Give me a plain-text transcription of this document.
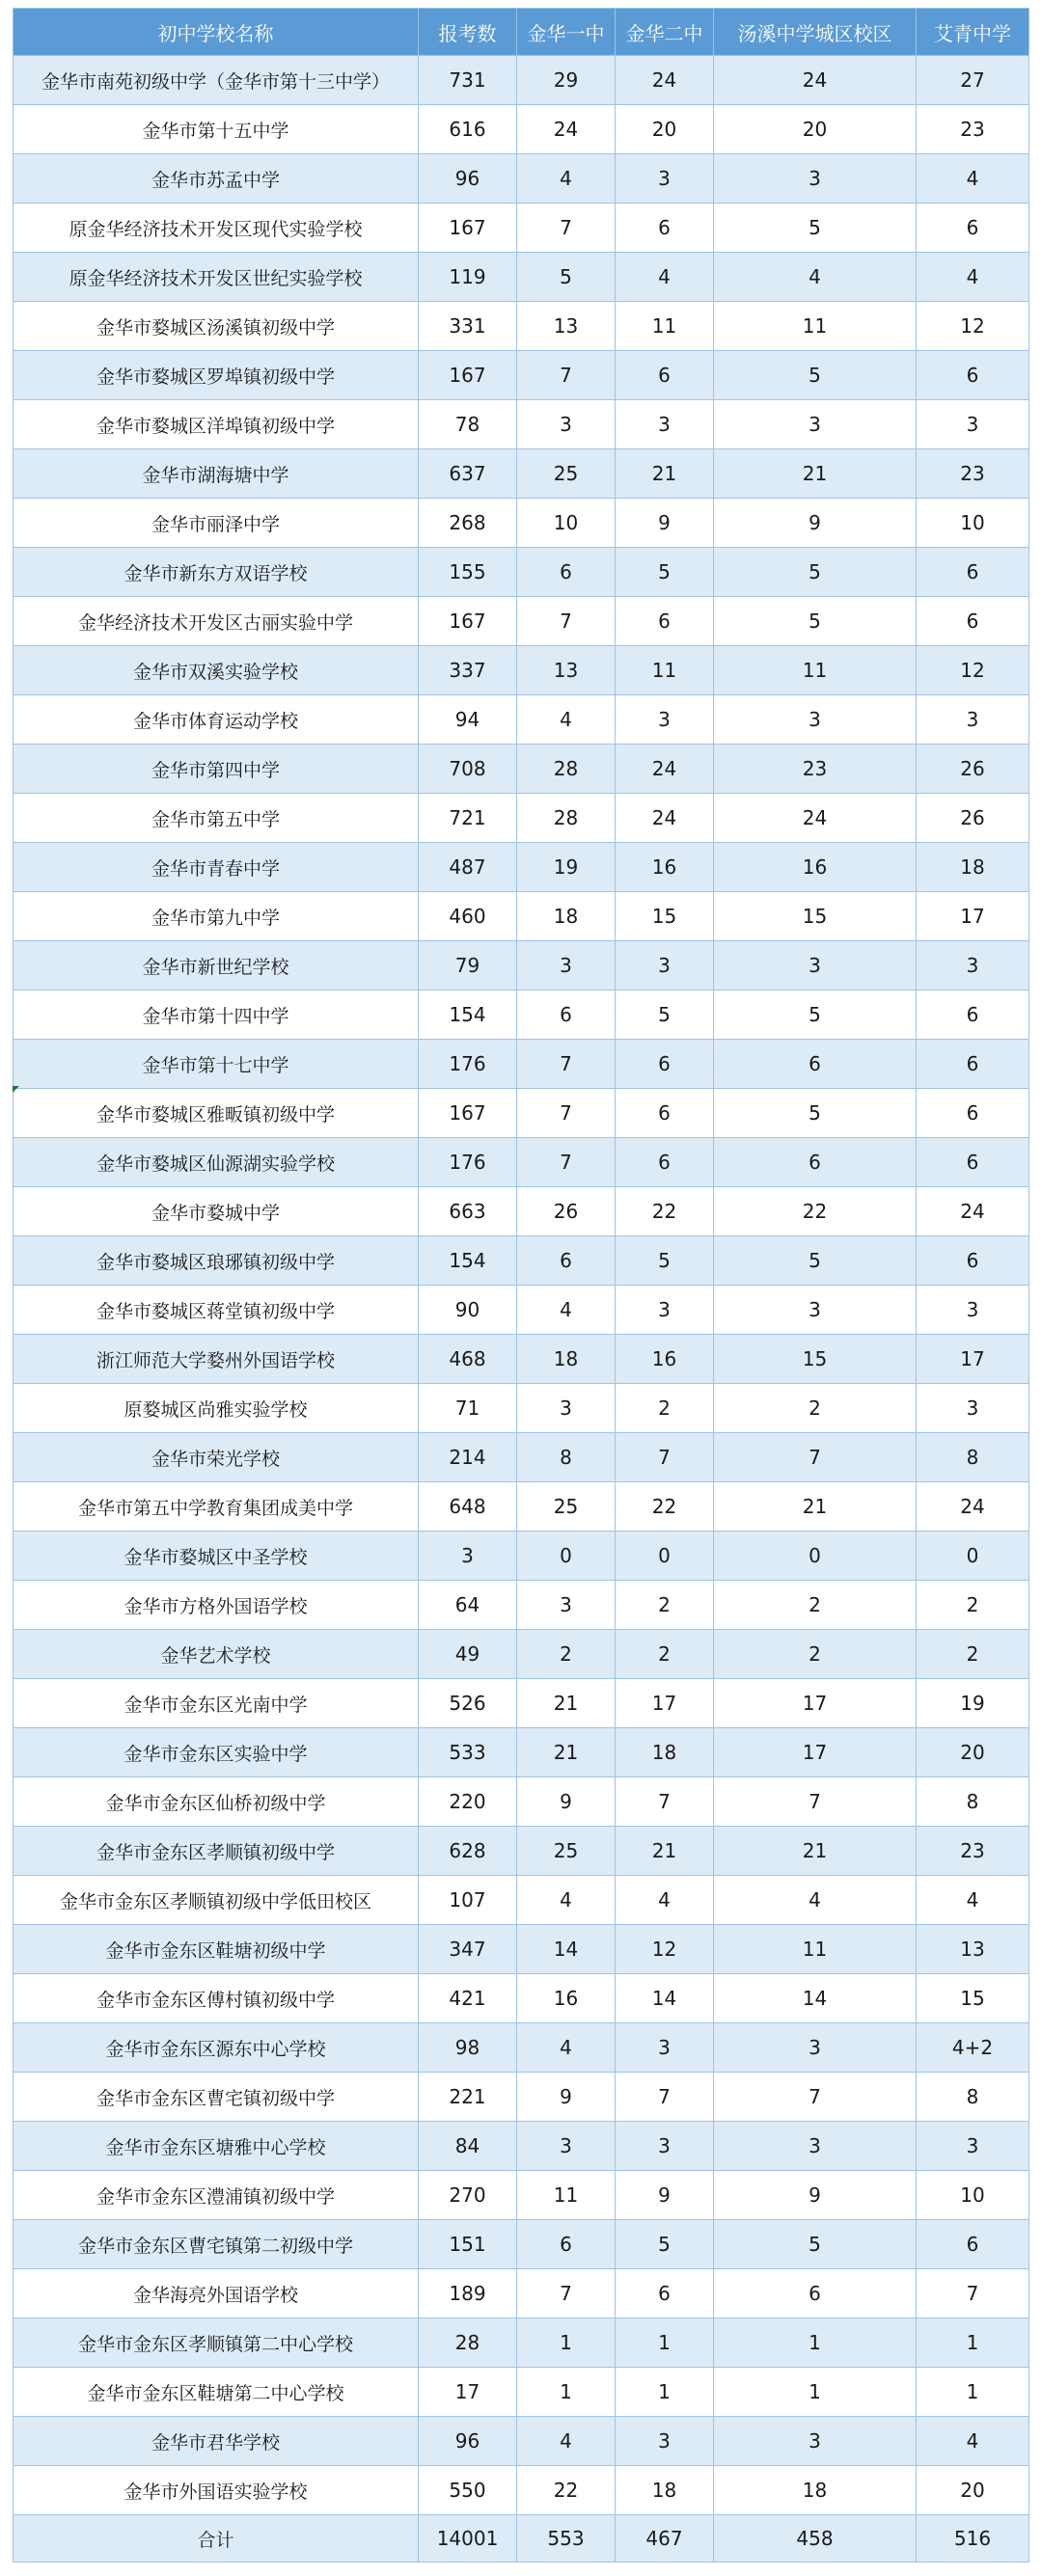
初中学校名称	报考数	金华一中	金华二中	汤溪中学城区校区	艾青中学
金华市南苑初级中学（金华市第十三中学）	731	29	24	24	27
金华市第十五中学	616	24	20	20	23
金华市苏孟中学	96	4	3	3	4
原金华经济技术开发区现代实验学校	167	7	6	5	6
原金华经济技术开发区世纪实验学校	119	5	4	4	4
金华市婺城区汤溪镇初级中学	331	13	11	11	12
金华市婺城区罗埠镇初级中学	167	7	6	5	6
金华市婺城区洋埠镇初级中学	78	3	3	3	3
金华市湖海塘中学	637	25	21	21	23
金华市丽泽中学	268	10	9	9	10
金华市新东方双语学校	155	6	5	5	6
金华经济技术开发区古丽实验中学	167	7	6	5	6
金华市双溪实验学校	337	13	11	11	12
金华市体育运动学校	94	4	3	3	3
金华市第四中学	708	28	24	23	26
金华市第五中学	721	28	24	24	26
金华市青春中学	487	19	16	16	18
金华市第九中学	460	18	15	15	17
金华市新世纪学校	79	3	3	3	3
金华市第十四中学	154	6	5	5	6
金华市第十七中学	176	7	6	6	6
金华市婺城区雅畈镇初级中学	167	7	6	5	6
金华市婺城区仙源湖实验学校	176	7	6	6	6
金华市婺城中学	663	26	22	22	24
金华市婺城区琅琊镇初级中学	154	6	5	5	6
金华市婺城区蒋堂镇初级中学	90	4	3	3	3
浙江师范大学婺州外国语学校	468	18	16	15	17
原婺城区尚雅实验学校	71	3	2	2	3
金华市荣光学校	214	8	7	7	8
金华市第五中学教育集团成美中学	648	25	22	21	24
金华市婺城区中圣学校	3	0	0	0	0
金华市方格外国语学校	64	3	2	2	2
金华艺术学校	49	2	2	2	2
金华市金东区光南中学	526	21	17	17	19
金华市金东区实验中学	533	21	18	17	20
金华市金东区仙桥初级中学	220	9	7	7	8
金华市金东区孝顺镇初级中学	628	25	21	21	23
金华市金东区孝顺镇初级中学低田校区	107	4	4	4	4
金华市金东区鞋塘初级中学	347	14	12	11	13
金华市金东区傅村镇初级中学	421	16	14	14	15
金华市金东区源东中心学校	98	4	3	3	4+2
金华市金东区曹宅镇初级中学	221	9	7	7	8
金华市金东区塘雅中心学校	84	3	3	3	3
金华市金东区澧浦镇初级中学	270	11	9	9	10
金华市金东区曹宅镇第二初级中学	151	6	5	5	6
金华海亮外国语学校	189	7	6	6	7
金华市金东区孝顺镇第二中心学校	28	1	1	1	1
金华市金东区鞋塘第二中心学校	17	1	1	1	1
金华市君华学校	96	4	3	3	4
金华市外国语实验学校	550	22	18	18	20
合计	14001	553	467	458	516
